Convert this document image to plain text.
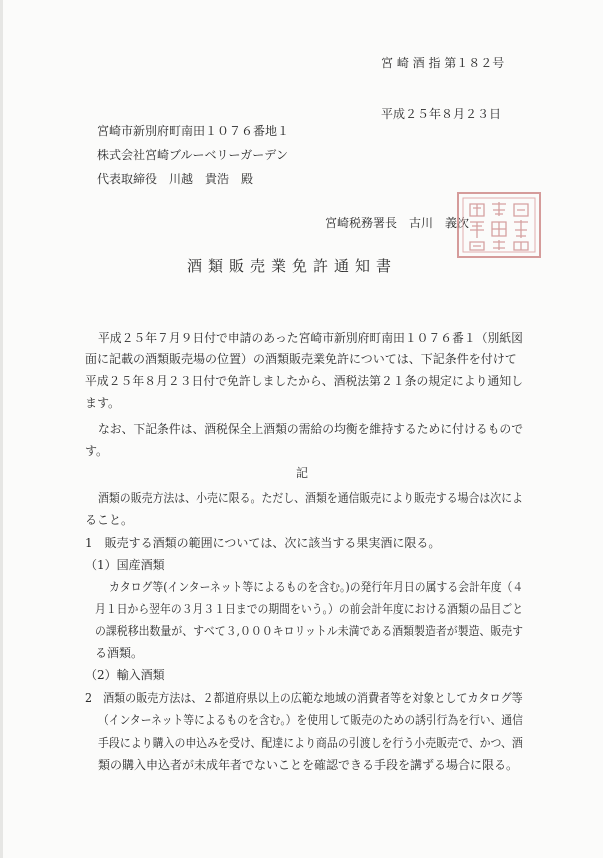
宮 崎 酒 指 第１８２号
平成２５年８月２３日
宮崎市新別府町南田１０７６番地１
株式会社宮崎ブルーベリーガーデン
代表取締役　川越　貴浩　殿
宮崎税務署長　古川　義次
酒類販売業免許通知書
平成２５年７月９日付で申請のあった宮崎市新別府町南田１０７６番１（別紙図
面に記載の酒類販売場の位置）の酒類販売業免許については、下記条件を付けて
平成２５年８月２３日付で免許しましたから、酒税法第２１条の規定により通知し
ます。
なお、下記条件は、酒税保全上酒類の需給の均衡を維持するために付けるもので
す。
記
酒類の販売方法は、小売に限る。ただし、酒類を通信販売により販売する場合は次によ
ること。
1　販売する酒類の範囲については、次に該当する果実酒に限る。
（1）国産酒類
カタログ等(インターネット等によるものを含む。)の発行年月日の属する会計年度（４
月１日から翌年の３月３１日までの期間をいう。）の前会計年度における酒類の品目ごと
の課税移出数量が、すべて３,０００キロリットル未満である酒類製造者が製造、販売す
る酒類。
（2）輸入酒類
2　酒類の販売方法は、２都道府県以上の広範な地域の消費者等を対象としてカタログ等
（インターネット等によるものを含む。）を使用して販売のための誘引行為を行い、通信
手段により購入の申込みを受け、配達により商品の引渡しを行う小売販売で、かつ、酒
類の購入申込者が未成年者でないことを確認できる手段を講ずる場合に限る。
